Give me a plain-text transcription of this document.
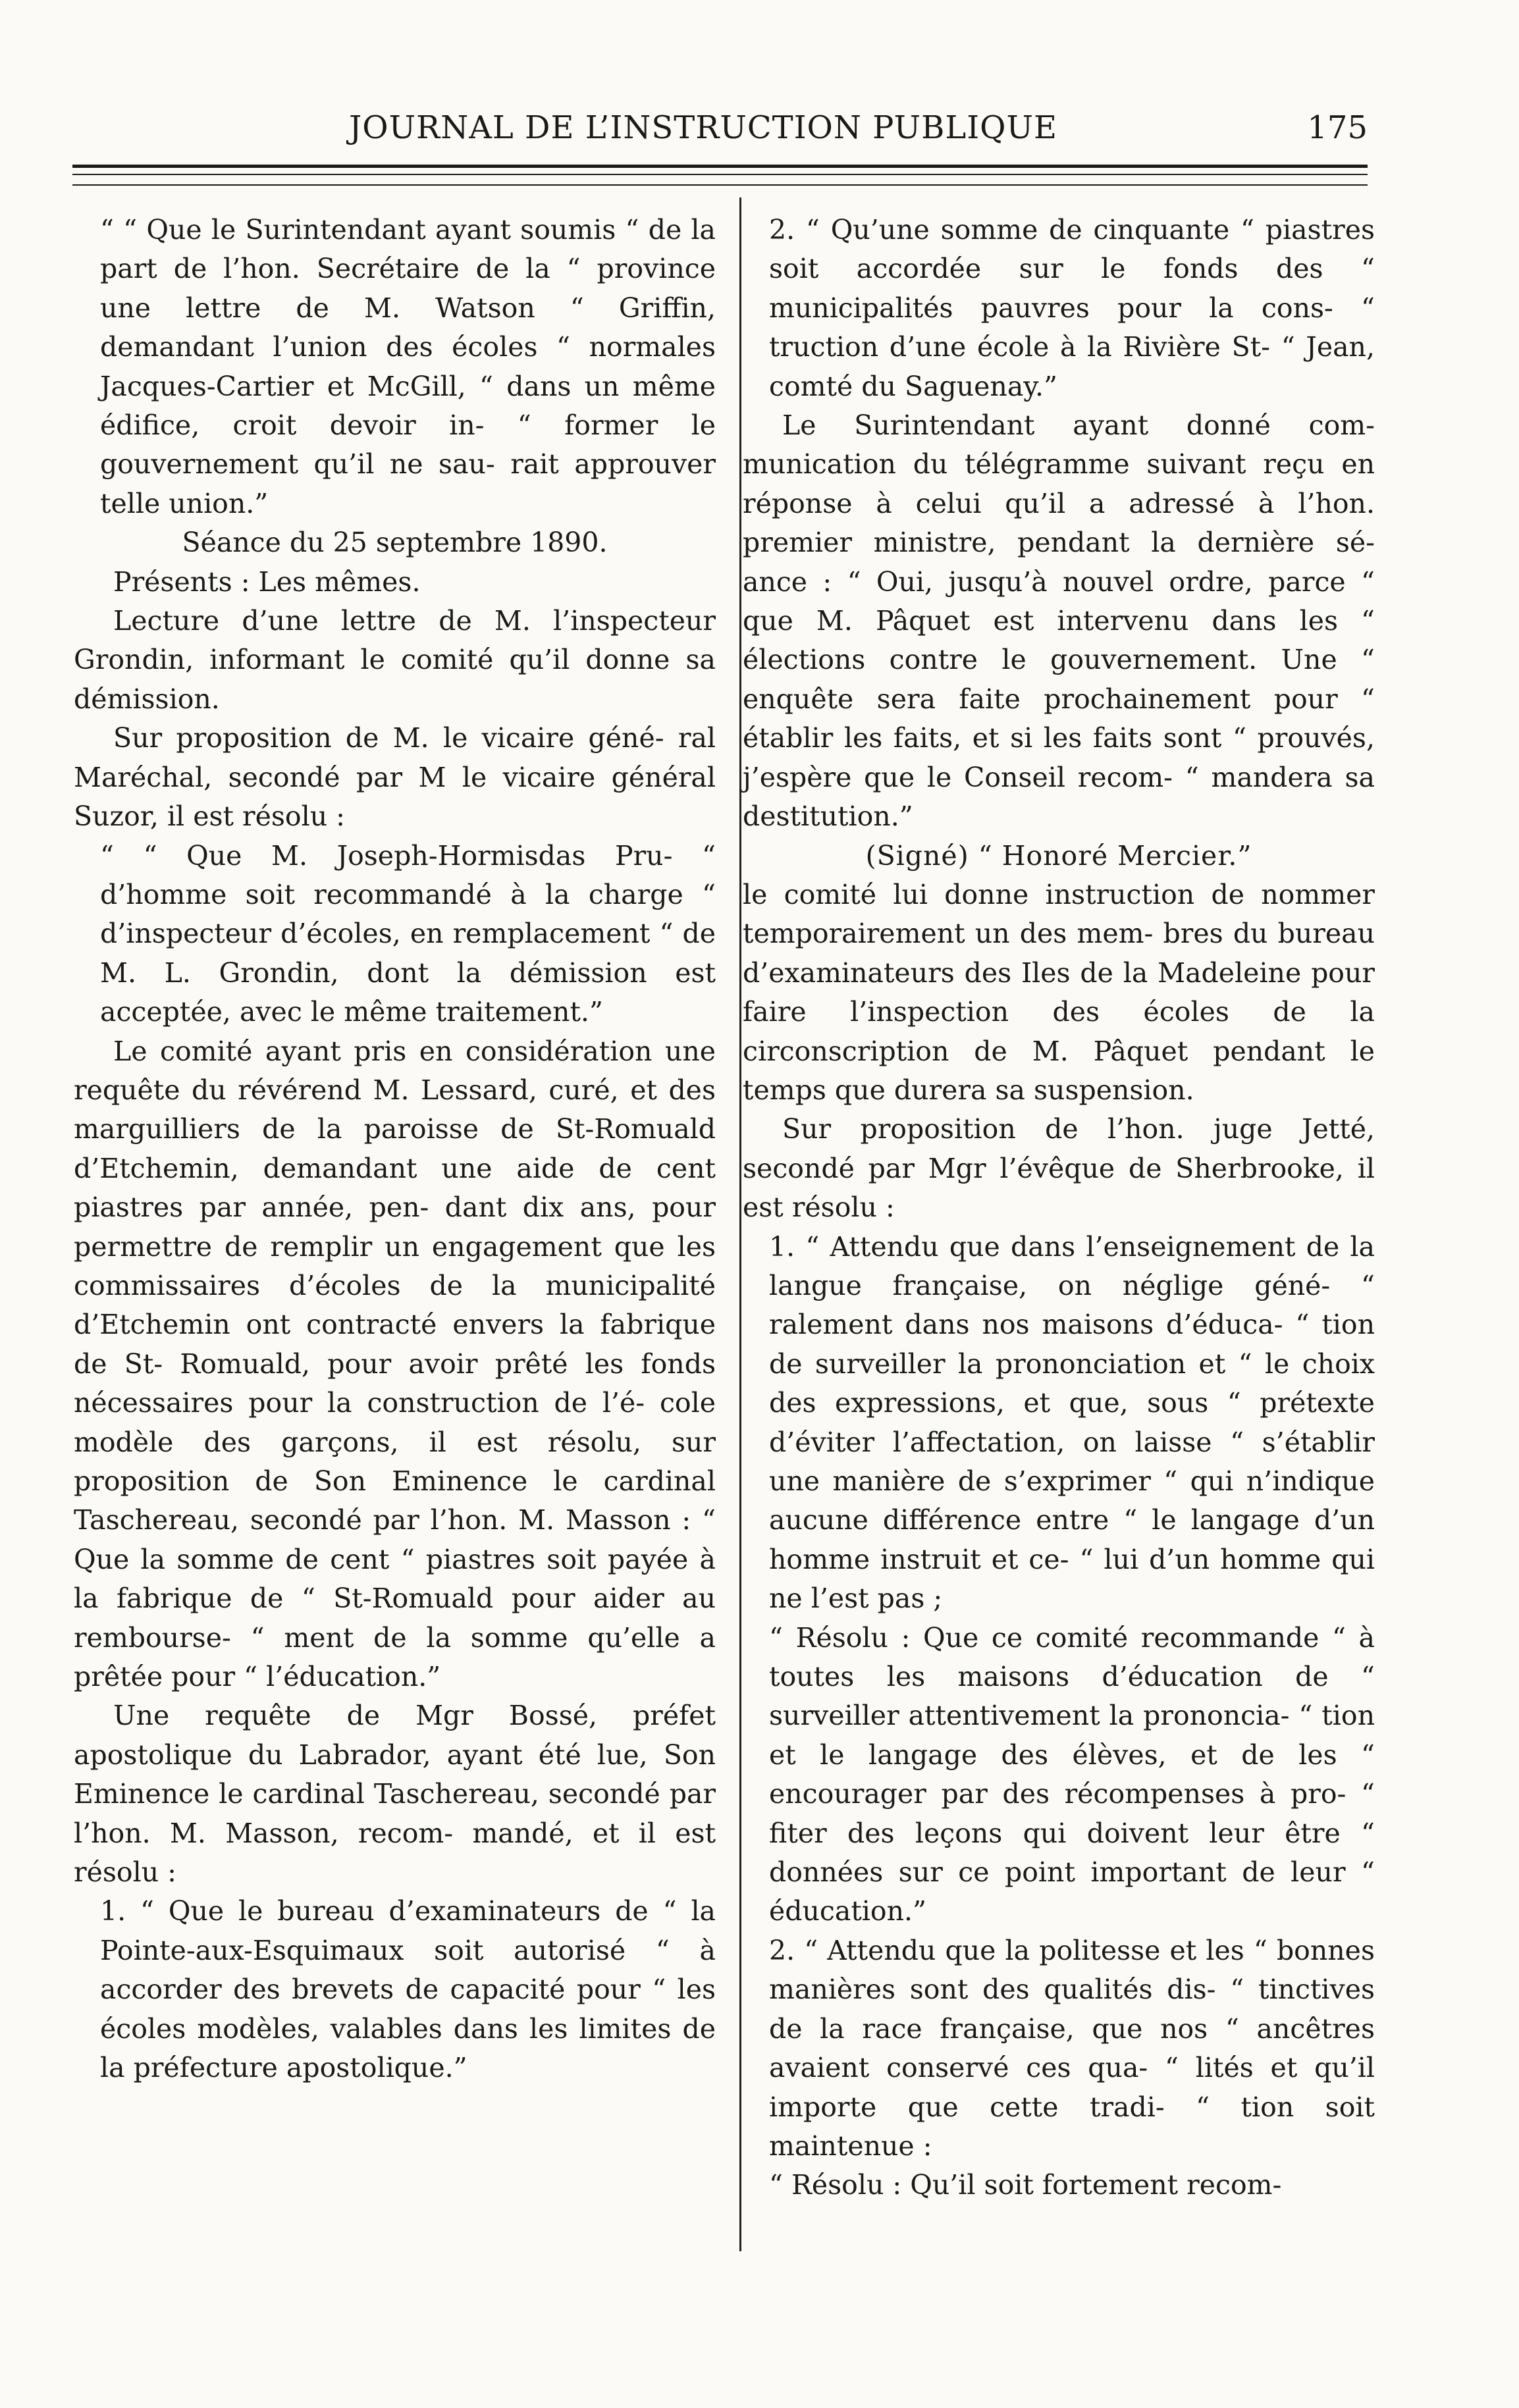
JOURNAL DE L’INSTRUCTION PUBLIQUE	175

“ “ Que le Surintendant ayant soumis “ de la part de l’hon. Secrétaire de la “ province une lettre de M. Watson “ Griffin, demandant l’union des écoles “ normales Jacques-Cartier et McGill, “ dans un même édifice, croit devoir in- “ former le gouvernement qu’il ne sau- rait approuver telle union.”

Séance du 25 septembre 1890.

Présents : Les mêmes.

Lecture d’une lettre de M. l’inspecteur Grondin, informant le comité qu’il donne sa démission.

Sur proposition de M. le vicaire géné- ral Maréchal, secondé par M le vicaire général Suzor, il est résolu :

“ “ Que M. Joseph-Hormisdas Pru- “ d’homme soit recommandé à la charge “ d’inspecteur d’écoles, en remplacement “ de M. L. Grondin, dont la démission est acceptée, avec le même traitement.”

Le comité ayant pris en considération une requête du révérend M. Lessard, curé, et des marguilliers de la paroisse de St-Romuald d’Etchemin, demandant une aide de cent piastres par année, pen- dant dix ans, pour permettre de remplir un engagement que les commissaires d’écoles de la municipalité d’Etchemin ont contracté envers la fabrique de St- Romuald, pour avoir prêté les fonds nécessaires pour la construction de l’é- cole modèle des garçons, il est résolu, sur proposition de Son Eminence le cardinal Taschereau, secondé par l’hon. M. Masson : “ Que la somme de cent “ piastres soit payée à la fabrique de “ St-Romuald pour aider au rembourse- “ ment de la somme qu’elle a prêtée pour “ l’éducation.”

Une requête de Mgr Bossé, préfet apostolique du Labrador, ayant été lue, Son Eminence le cardinal Taschereau, secondé par l’hon. M. Masson, recom- mandé, et il est résolu :

1. “ Que le bureau d’examinateurs de “ la Pointe-aux-Esquimaux soit autorisé “ à accorder des brevets de capacité pour “ les écoles modèles, valables dans les limites de la préfecture apostolique.”

2. “ Qu’une somme de cinquante “ piastres soit accordée sur le fonds des “ municipalités pauvres pour la cons- “ truction d’une école à la Rivière St- “ Jean, comté du Saguenay.”

Le Surintendant ayant donné com- munication du télégramme suivant reçu en réponse à celui qu’il a adressé à l’hon. premier ministre, pendant la dernière sé- ance : “ Oui, jusqu’à nouvel ordre, parce “ que M. Pâquet est intervenu dans les “ élections contre le gouvernement. Une “ enquête sera faite prochainement pour “ établir les faits, et si les faits sont “ prouvés, j’espère que le Conseil recom- “ mandera sa destitution.”

(Signé) “ Honoré Mercier.”

le comité lui donne instruction de nommer temporairement un des mem- bres du bureau d’examinateurs des Iles de la Madeleine pour faire l’inspection des écoles de la circonscription de M. Pâquet pendant le temps que durera sa suspension.

Sur proposition de l’hon. juge Jetté, secondé par Mgr l’évêque de Sherbrooke, il est résolu :

1. “ Attendu que dans l’enseignement de la langue française, on néglige géné- “ ralement dans nos maisons d’éduca- “ tion de surveiller la prononciation et “ le choix des expressions, et que, sous “ prétexte d’éviter l’affectation, on laisse “ s’établir une manière de s’exprimer “ qui n’indique aucune différence entre “ le langage d’un homme instruit et ce- “ lui d’un homme qui ne l’est pas ;

“ Résolu : Que ce comité recommande “ à toutes les maisons d’éducation de “ surveiller attentivement la prononcia- “ tion et le langage des élèves, et de les “ encourager par des récompenses à pro- “ fiter des leçons qui doivent leur être “ données sur ce point important de leur “ éducation.”

2. “ Attendu que la politesse et les “ bonnes manières sont des qualités dis- “ tinctives de la race française, que nos “ ancêtres avaient conservé ces qua- “ lités et qu’il importe que cette tradi- “ tion soit maintenue :

“ Résolu : Qu’il soit fortement recom-
